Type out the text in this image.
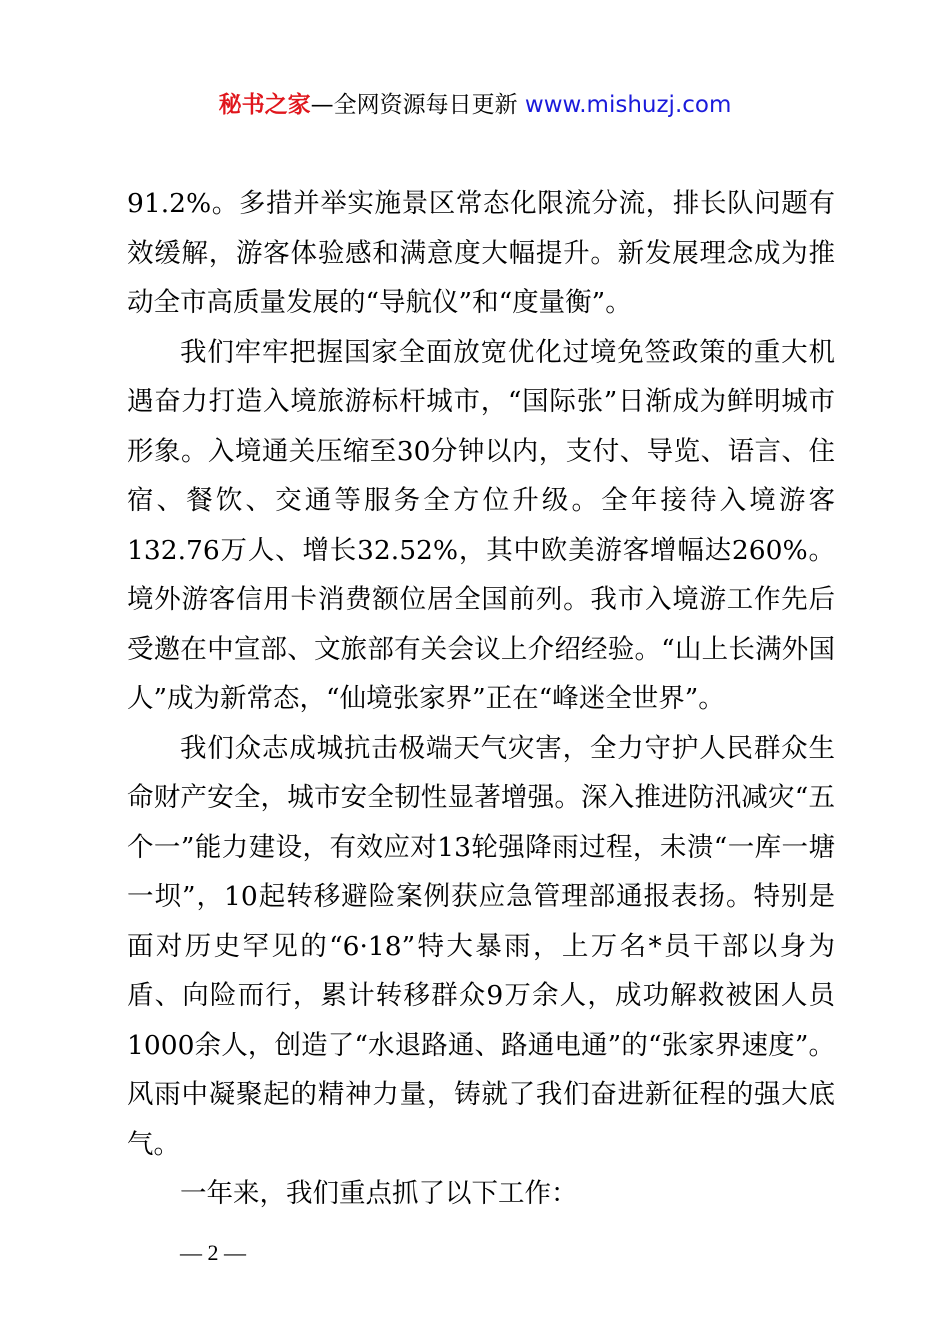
秘书之家—全网资源每日更新 www.mishuzj.com

91.2%。多措并举实施景区常态化限流分流，排长队问题有效缓解，游客体验感和满意度大幅提升。新发展理念成为推动全市高质量发展的“导航仪”和“度量衡”。

我们牢牢把握国家全面放宽优化过境免签政策的重大机遇奋力打造入境旅游标杆城市，“国际张”日渐成为鲜明城市形象。入境通关压缩至30分钟以内，支付、导览、语言、住宿、餐饮、交通等服务全方位升级。全年接待入境游客132.76万人、增长32.52%，其中欧美游客增幅达260%。境外游客信用卡消费额位居全国前列。我市入境游工作先后受邀在中宣部、文旅部有关会议上介绍经验。“山上长满外国人”成为新常态，“仙境张家界”正在“峰迷全世界”。

我们众志成城抗击极端天气灾害，全力守护人民群众生命财产安全，城市安全韧性显著增强。深入推进防汛减灾“五个一”能力建设，有效应对13轮强降雨过程，未溃“一库一塘一坝”，10起转移避险案例获应急管理部通报表扬。特别是面对历史罕见的“6·18”特大暴雨，上万名*员干部以身为盾、向险而行，累计转移群众9万余人，成功解救被困人员1000余人，创造了“水退路通、路通电通”的“张家界速度”。风雨中凝聚起的精神力量，铸就了我们奋进新征程的强大底气。

一年来，我们重点抓了以下工作：

— 2 —
